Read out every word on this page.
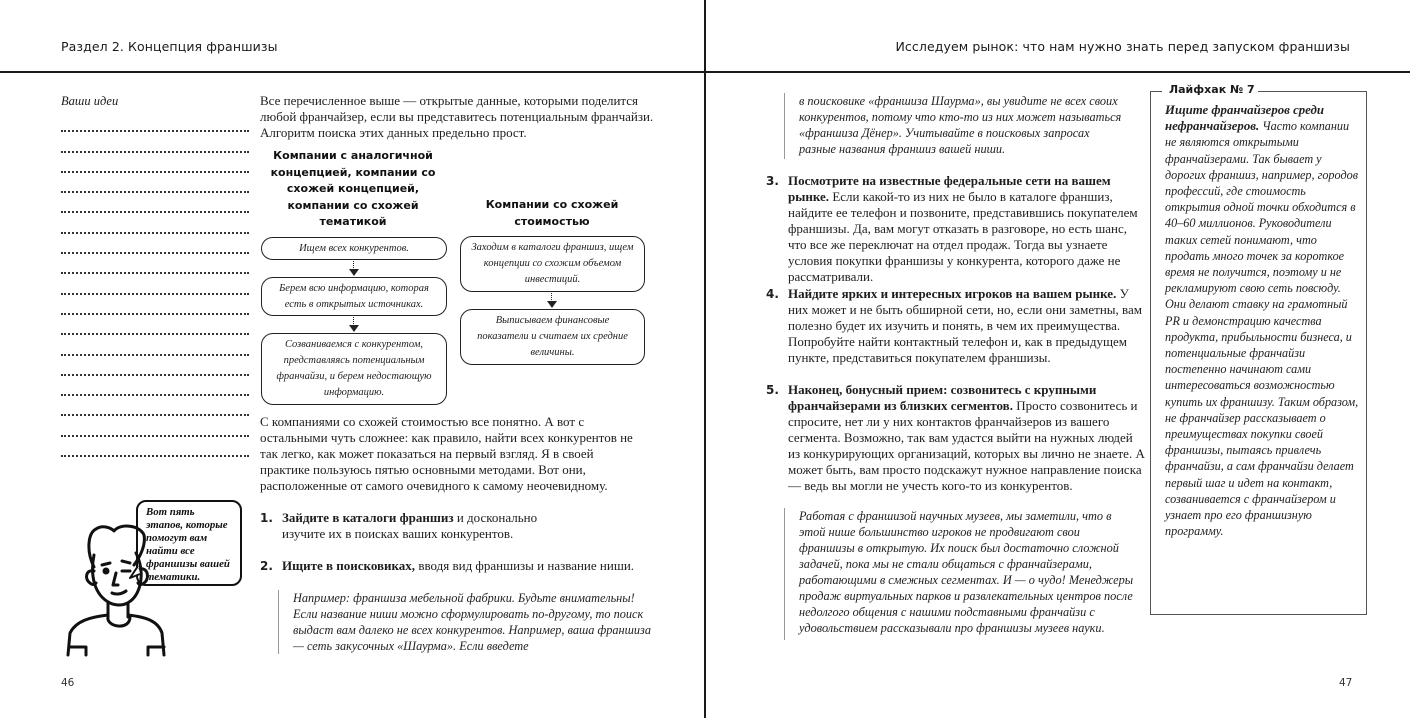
Раздел 2. Концепция франшизы
46
Ваши идеи	Все перечисленное выше — открытые данные, которыми поделится любой франчайзер, если вы представитесь потенциальным франчайзи. Алгоритм поиска этих данных предельно прост.

Компании с аналогичной концепцией, компании со схожей концепцией, компании со схожей тематикой
Компании со схожей стоимостью
Ищем всех конкурентов.
Берем всю информацию, которая есть в открытых источниках.
Созваниваемся с конкурентом, представляясь потенциальным франчайзи, и берем недостающую информацию.
Заходим в каталоги франшиз, ищем концепции со схожим объемом инвестиций.
Выписываем финансовые показатели и считаем их средние величины.
С компаниями со схожей стоимостью все понятно. А вот с остальными чуть сложнее: как правило, найти всех конкурентов не так легко, как может показаться на первый взгляд. Я в своей практике пользуюсь пятью основными методами. Вот они, расположенные от самого очевидного к самому неочевидному.
1. Зайдите в каталоги франшиз и досконально изучите их в поисках ваших конкурентов.
2. Ищите в поисковиках, вводя вид франшизы и название ниши.
Например: франшиза мебельной фабрики. Будьте внимательны! Если название ниши можно сформулировать по-другому, то поиск выдаст вам далеко не всех конкурентов. Например, ваша франшиза — сеть закусочных «Шаурма». Если введете
Вот пять этапов, которые помогут вам найти все франшизы вашей тематики.
Исследуем рынок: что нам нужно знать перед запуском франшизы
47
в поисковике «франшиза Шаурма», вы увидите не всех своих конкурентов, потому что кто-то из них может называться «франшиза Дёнер». Учитывайте в поисковых запросах разные названия франшиз вашей ниши.
3. Посмотрите на известные федеральные сети на вашем рынке. Если какой-то из них не было в каталоге франшиз, найдите ее телефон и позвоните, представившись покупателем франшизы. Да, вам могут отказать в разговоре, но есть шанс, что все же переключат на отдел продаж. Тогда вы узнаете условия покупки франшизы у конкурента, которого даже не рассматривали.
4. Найдите ярких и интересных игроков на вашем рынке. У них может и не быть обширной сети, но, если они заметны, вам полезно будет их изучить и понять, в чем их преимущества. Попробуйте найти контактный телефон и, как в предыдущем пункте, представиться покупателем франшизы.
5. Наконец, бонусный прием: созвонитесь с крупными франчайзерами из близких сегментов. Просто созвонитесь и спросите, нет ли у них контактов франчайзеров из вашего сегмента. Возможно, так вам удастся выйти на нужных людей из конкурирующих организаций, которых вы лично не знаете. А может быть, вам просто подскажут нужное направление поиска — ведь вы могли не учесть кого-то из конкурентов.
Работая с франшизой научных музеев, мы заметили, что в этой нише большинство игроков не продвигают свои франшизы в открытую. Их поиск был достаточно сложной задачей, пока мы не стали общаться с франчайзерами, работающими в смежных сегментах. И — о чудо! Менеджеры продаж виртуальных парков и развлекательных центров после недолгого общения с нашими подставными франчайзи с удовольствием рассказывали про франшизы музеев науки.
Лайфхак № 7
Ищите франчайзеров среди нефранчайзеров. Часто компании не являются открытыми франчайзерами. Так бывает у дорогих франшиз, например, городов профессий, где стоимость открытия одной точки обходится в 40–60 миллионов. Руководители таких сетей понимают, что продать много точек за короткое время не получится, поэтому и не рекламируют свою сеть повсюду. Они делают ставку на грамотный PR и демонстрацию качества продукта, прибыльности бизнеса, и потенциальные франчайзи постепенно начинают сами интересоваться возможностью купить их франшизу. Таким образом, не франчайзер рассказывает о преимуществах покупки своей франшизы, пытаясь привлечь франчайзи, а сам франчайзи делает первый шаг и идет на контакт, созванивается с франчайзером и узнает про его франшизную программу.
